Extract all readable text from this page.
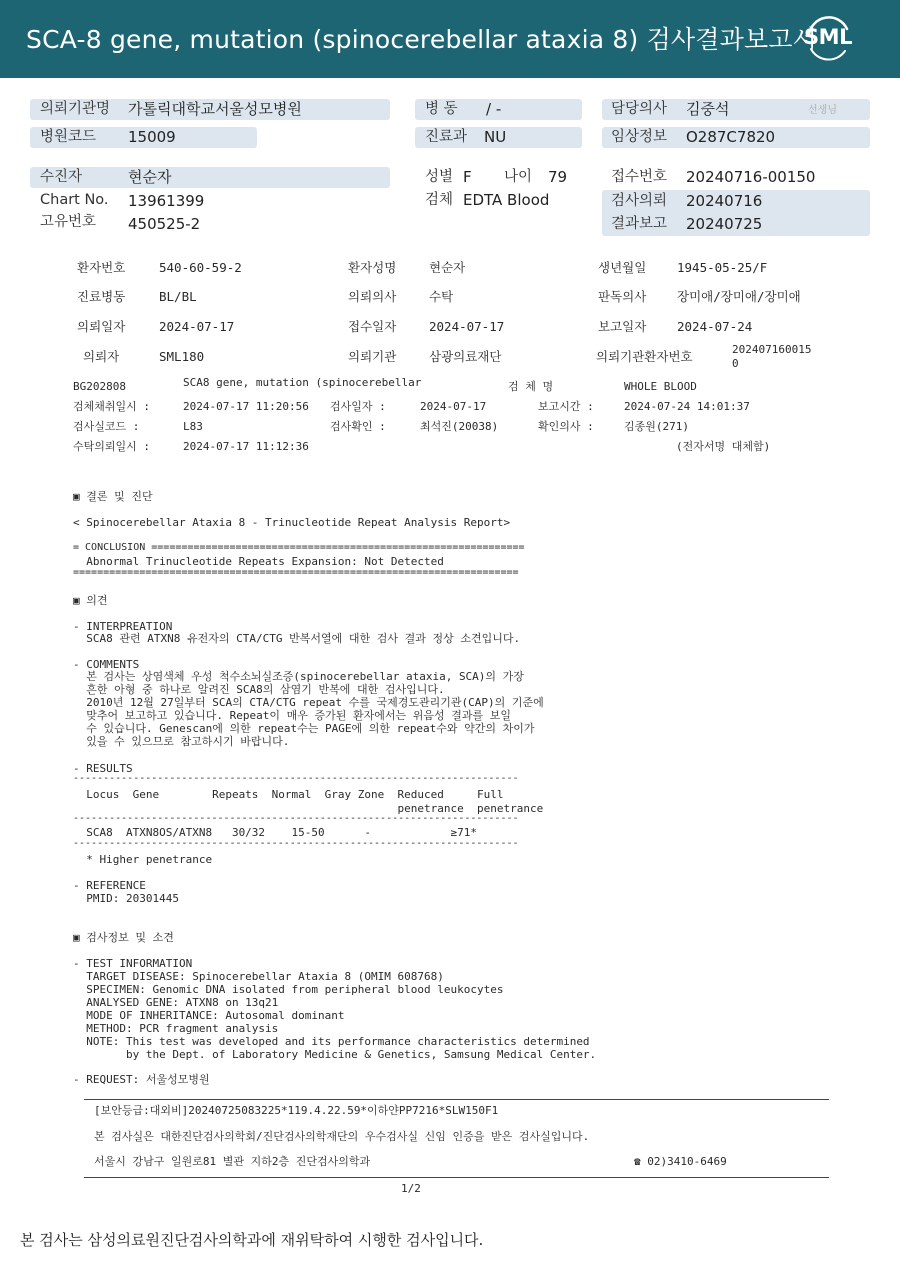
SCA-8 gene, mutation (spinocerebellar ataxia 8) 검사결과보고서
SML
의뢰기관명 가톨릭대학교서울성모병원	병 동 / -	담당의사 김중석	선생님
병원코드 15009	진료과 NU	임상정보 O287C7820
수진자	현순자	성별 F 나이 79	접수번호 20240716-00150
Chart No. 13961399	검체 EDTA Blood	검사의뢰 20240716
고유번호 450525-2	결과보고 20240725
환자번호	540-60-59-2	환자성명	현순자	생년월일 1945-05-25/F
진료병동	BL/BL	의뢰의사	수탁	판독의사 장미애/장미애/장미애
의뢰일자	2024-07-17	접수일자	2024-07-17	보고일자 2024-07-24
의뢰자	SML180	의뢰기관	삼광의료재단	의뢰기관환자번호	202407160015
0
BG202808	SCA8 gene, mutation (spinocerebellar	검 체 명	WHOLE BLOOD
검체채취일시 :	2024-07-17 11:20:56 검사일자 :	2024-07-17	보고시간 :	2024-07-24 14:01:37
검사실코드 :	L83	검사확인 :	최석진(20038)	확인의사 :	김종원(271)
수탁의뢰일시 :	2024-07-17 11:12:36	(전자서명 대체함)
▣ 결론 및 진단
< Spinocerebellar Ataxia 8 - Trinucleotide Repeat Analysis Report>
= CONCLUSION ==============================================================
Abnormal Trinucleotide Repeats Expansion: Not Detected
==========================================================================
▣ 의견
- INTERPREATION
SCA8 관련 ATXN8 유전자의 CTA/CTG 반복서열에 대한 검사 결과 정상 소견입니다.
- COMMENTS
본 검사는 상염색체 우성 척수소뇌실조증(spinocerebellar ataxia, SCA)의 가장
흔한 아형 중 하나로 알려진 SCA8의 삼염기 반복에 대한 검사입니다.
2010년 12월 27일부터 SCA의 CTA/CTG repeat 수를 국제경도관리기관(CAP)의 기준에
맞추어 보고하고 있습니다. Repeat이 매우 증가된 환자에서는 위음성 결과를 보일
수 있습니다. Genescan에 의한 repeat수는 PAGE에 의한 repeat수와 약간의 차이가
있을 수 있으므로 참고하시기 바랍니다.
- RESULTS
--------------------------------------------------------------------------
Locus  Gene        Repeats  Normal  Gray Zone  Reduced     Full
penetrance  penetrance
--------------------------------------------------------------------------
SCA8  ATXN8OS/ATXN8   30/32    15-50      -            ≥71*
--------------------------------------------------------------------------
* Higher penetrance
- REFERENCE
PMID: 20301445
▣ 검사정보 및 소견
- TEST INFORMATION
TARGET DISEASE: Spinocerebellar Ataxia 8 (OMIM 608768)
SPECIMEN: Genomic DNA isolated from peripheral blood leukocytes
ANALYSED GENE: ATXN8 on 13q21
MODE OF INHERITANCE: Autosomal dominant
METHOD: PCR fragment analysis
NOTE: This test was developed and its performance characteristics determined
by the Dept. of Laboratory Medicine & Genetics, Samsung Medical Center.
- REQUEST: 서울성모병원
[보안등급:대외비]20240725083225*119.4.22.59*이하얀PP7216*SLW150F1
본 검사실은 대한진단검사의학회/진단검사의학재단의 우수검사실 신임 인증을 받은 검사실입니다.
서울시 강남구 일원로81 별관 지하2층 진단검사의학과	☎ 02)3410-6469
1/2
본 검사는 삼성의료원진단검사의학과에 재위탁하여 시행한 검사입니다.
